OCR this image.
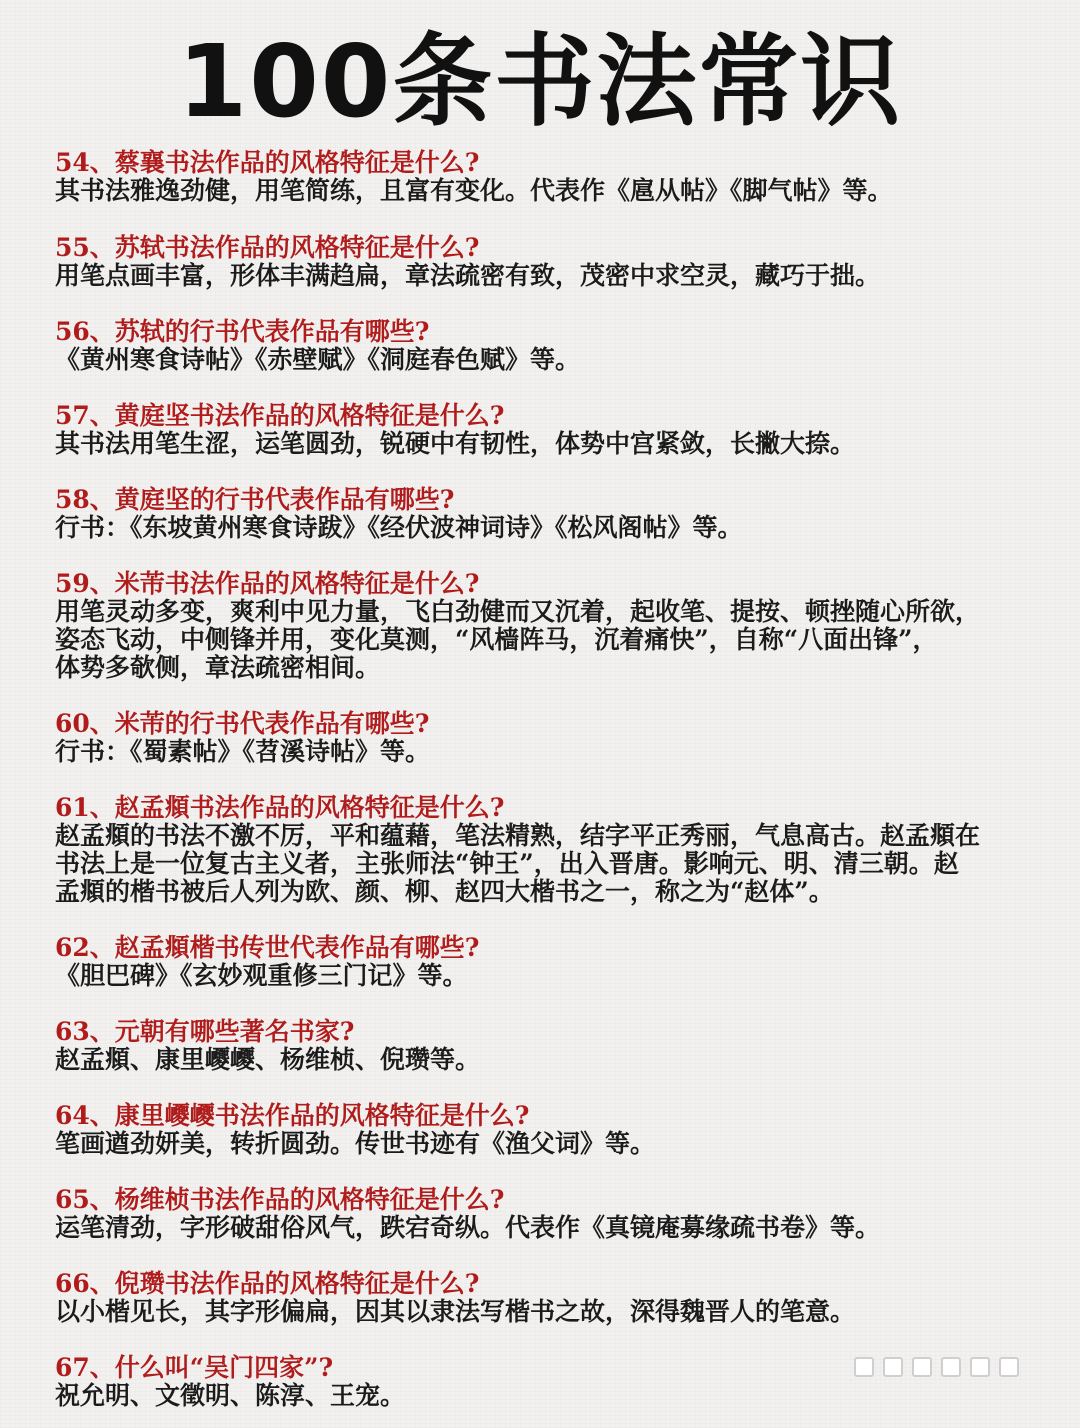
100条书法常识
54、蔡襄书法作品的风格特征是什么?
其书法雅逸劲健，用笔简练，且富有变化。代表作《扈从帖》《脚气帖》等。
55、苏轼书法作品的风格特征是什么?
用笔点画丰富，形体丰满趋扁，章法疏密有致，茂密中求空灵，藏巧于拙。
56、苏轼的行书代表作品有哪些?
《黄州寒食诗帖》《赤壁赋》《洞庭春色赋》等。
57、黄庭坚书法作品的风格特征是什么?
其书法用笔生涩，运笔圆劲，锐硬中有韧性，体势中宫紧敛，长撇大捺。
58、黄庭坚的行书代表作品有哪些?
行书：《东坡黄州寒食诗跋》《经伏波神词诗》《松风阁帖》等。
59、米芾书法作品的风格特征是什么?
用笔灵动多变，爽利中见力量，飞白劲健而又沉着，起收笔、提按、顿挫随心所欲，
姿态飞动，中侧锋并用，变化莫测，“风樯阵马，沉着痛快”，自称“八面出锋”，
体势多欹侧，章法疏密相间。
60、米芾的行书代表作品有哪些?
行书：《蜀素帖》《苕溪诗帖》等。
61、赵孟頫书法作品的风格特征是什么?
赵孟頫的书法不激不厉，平和蕴藉，笔法精熟，结字平正秀丽，气息高古。赵孟頫在
书法上是一位复古主义者，主张师法“钟王”，出入晋唐。影响元、明、清三朝。赵
孟頫的楷书被后人列为欧、颜、柳、赵四大楷书之一，称之为“赵体”。
62、赵孟頫楷书传世代表作品有哪些?
《胆巴碑》《玄妙观重修三门记》等。
63、元朝有哪些著名书家?
赵孟頫、康里巎巎、杨维桢、倪瓒等。
64、康里巎巎书法作品的风格特征是什么?
笔画遒劲妍美，转折圆劲。传世书迹有《渔父词》等。
65、杨维桢书法作品的风格特征是什么?
运笔清劲，字形破甜俗风气，跌宕奇纵。代表作《真镜庵募缘疏书卷》等。
66、倪瓒书法作品的风格特征是什么?
以小楷见长，其字形偏扁，因其以隶法写楷书之故，深得魏晋人的笔意。
67、什么叫“吴门四家”?
祝允明、文徵明、陈淳、王宠。
